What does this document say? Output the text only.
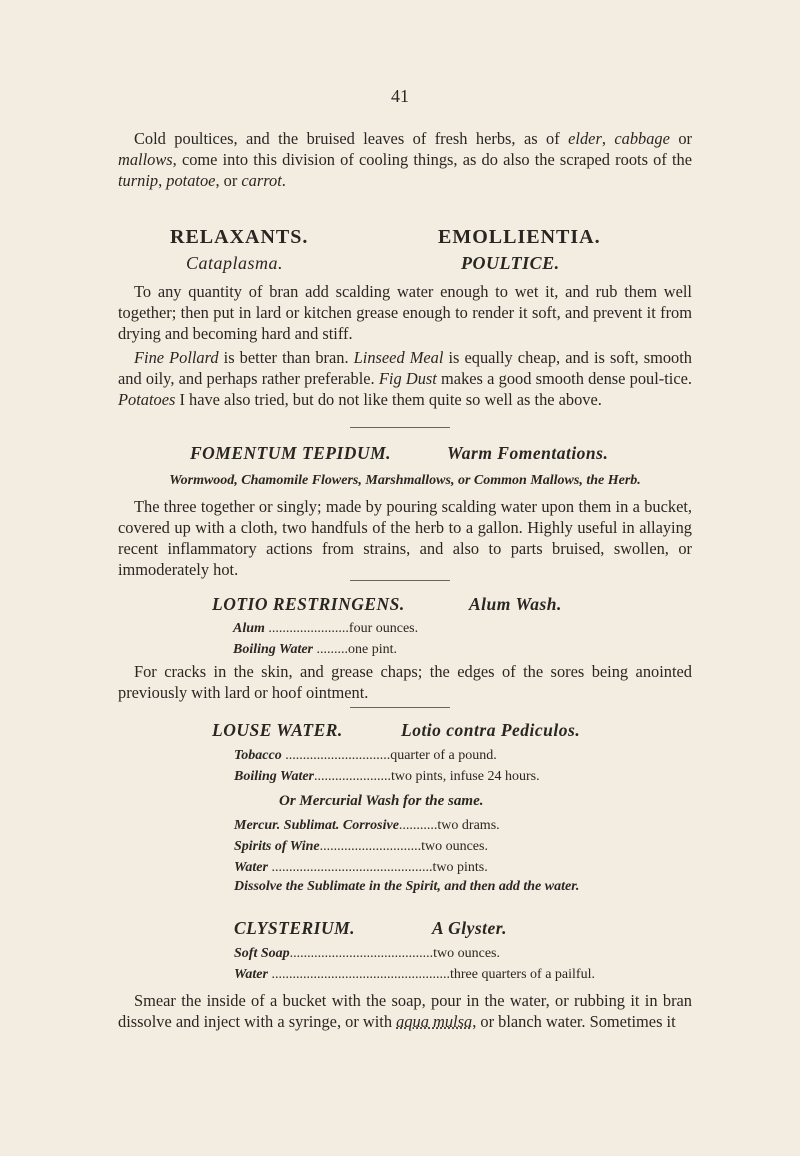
41

Cold poultices, and the bruised leaves of fresh herbs, as of elder, cabbage or mallows, come into this division of cooling things, as do also the scraped roots of the turnip, potatoe, or carrot.

RELAXANTS.	EMOLLIENTIA.
Cataplasma.	POULTICE.

To any quantity of bran add scalding water enough to wet it, and rub them well together; then put in lard or kitchen grease enough to render it soft, and prevent it from drying and becoming hard and stiff.

Fine Pollard is better than bran. Linseed Meal is equally cheap, and is soft, smooth and oily, and perhaps rather preferable. Fig Dust makes a good smooth dense poul-tice. Potatoes I have also tried, but do not like them quite so well as the above.

FOMENTUM TEPIDUM.	Warm Fomentations.
Wormwood, Chamomile Flowers, Marshmallows, or Common Mallows, the Herb.

The three together or singly; made by pouring scalding water upon them in a bucket, covered up with a cloth, two handfuls of the herb to a gallon. Highly useful in allaying recent inflammatory actions from strains, and also to parts bruised, swollen, or immoderately hot.

LOTIO RESTRINGENS.	Alum Wash.
Alum .......................four ounces.
Boiling Water .........one pint.

For cracks in the skin, and grease chaps; the edges of the sores being anointed previously with lard or hoof ointment.

LOUSE WATER.	Lotio contra Pediculos.
Tobacco ..............................quarter of a pound.
Boiling Water......................two pints, infuse 24 hours.
Or Mercurial Wash for the same.
Mercur. Sublimat. Corrosive...........two drams.
Spirits of Wine.............................two ounces.
Water ..............................................two pints.
Dissolve the Sublimate in the Spirit, and then add the water.
CLYSTERIUM.	A Glyster.
Soft Soap.........................................two ounces.
Water ...................................................three quarters of a pailful.

Smear the inside of a bucket with the soap, pour in the water, or rubbing it in bran dissolve and inject with a syringe, or with aqua mulsa, or blanch water. Sometimes it
